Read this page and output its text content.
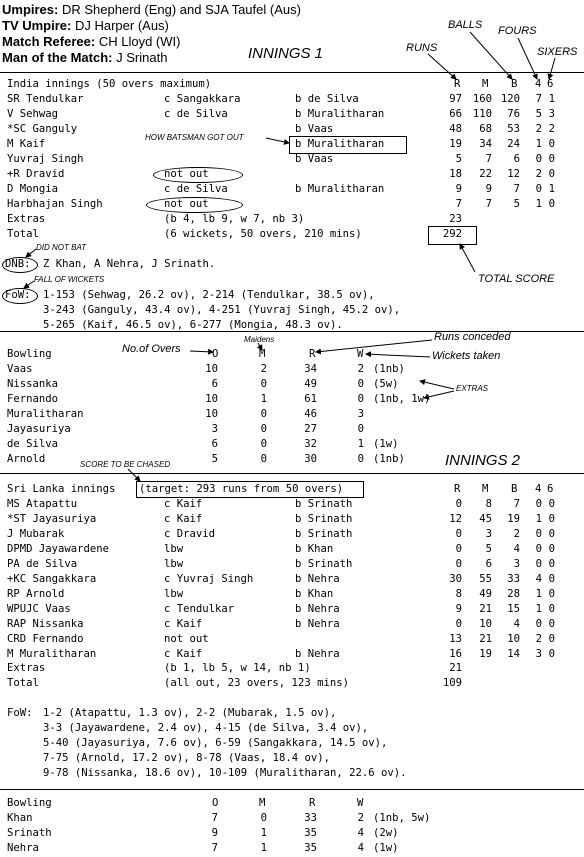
Umpires: DR Shepherd (Eng) and SJA Taufel (Aus)
TV Umpire: DJ Harper (Aus)
Match Referee: CH Lloyd (WI)
Man of the Match: J Srinath	INNINGS 1	RUNS
BALLS FOURS
SIXERS
India innings (50 overs maximum)	R M B 4 6
SR Tendulkar	c Sangakkara	b de Silva	97 160 120	7 1
V Sehwag	c de Silva	b Muralitharan	66 110	76	5 3
*SC Ganguly	b Vaas	48	68	53	2 2
M Kaif	b Muralitharan	19	34	24	1 0
Yuvraj Singh	b Vaas	5	7	6	0 0
+R Dravid	not out	18	22	12	2 0
D Mongia	c de Silva	b Muralitharan	9	9	7	0 1
Harbhajan Singh	not out	7	7	5	1 0
Extras	(b 4, lb 9, w 7, nb 3)	23
Total	(6 wickets, 50 overs, 210 mins)	292
DNB: Z Khan, A Nehra, J Srinath.
FoW: 1-153 (Sehwag, 26.2 ov), 2-214 (Tendulkar, 38.5 ov),
3-243 (Ganguly, 43.4 ov), 4-251 (Yuvraj Singh, 45.2 ov),
5-265 (Kaif, 46.5 ov), 6-277 (Mongia, 48.3 ov).
HOW BATSMAN GOT OUT
TOTAL SCORE
DID NOT BAT
FALL OF WICKETS
Maidens	Runs conceded
No.of Overs
Wickets taken
EXTRAS
Bowling	O	M	R	W
Vaas	10	2	34	2 (1nb)
Nissanka	6	0	49	0 (5w)
Fernando	10	1	61	0 (1nb, 1w)
Muralitharan	10	0	46	3
Jayasuriya	3	0	27	0
de Silva	6	0	32	1 (1w)
Arnold	5	0	30	0 (1nb)	INNINGS 2
SCORE TO BE CHASED
Sri Lanka innings (target: 293 runs from 50 overs)	R M B 4 6
MS Atapattu	c Kaif	b Srinath	0	8	7	0 0
*ST Jayasuriya	c Kaif	b Srinath	12	45	19	1 0
J Mubarak	c Dravid	b Srinath	0	3	2	0 0
DPMD Jayawardene	lbw	b Khan	0	5	4	0 0
PA de Silva	lbw	b Srinath	0	6	3	0 0
+KC Sangakkara	c Yuvraj Singh	b Nehra	30	55	33	4 0
RP Arnold	lbw	b Khan	8	49	28	1 0
WPUJC Vaas	c Tendulkar	b Nehra	9	21	15	1 0
RAP Nissanka	c Kaif	b Nehra	0	10	4	0 0
CRD Fernando	not out	13	21	10	2 0
M Muralitharan	c Kaif	b Nehra	16	19	14	3 0
Extras	(b 1, lb 5, w 14, nb 1)	21
Total	(all out, 23 overs, 123 mins)	109
FoW: 1-2 (Atapattu, 1.3 ov), 2-2 (Mubarak, 1.5 ov),
3-3 (Jayawardene, 2.4 ov), 4-15 (de Silva, 3.4 ov),
5-40 (Jayasuriya, 7.6 ov), 6-59 (Sangakkara, 14.5 ov),
7-75 (Arnold, 17.2 ov), 8-78 (Vaas, 18.4 ov),
9-78 (Nissanka, 18.6 ov), 10-109 (Muralitharan, 22.6 ov).
Bowling	O	M	R	W
Khan	7	0	33	2 (1nb, 5w)
Srinath	9	1	35	4 (2w)
Nehra	7	1	35	4 (1w)
